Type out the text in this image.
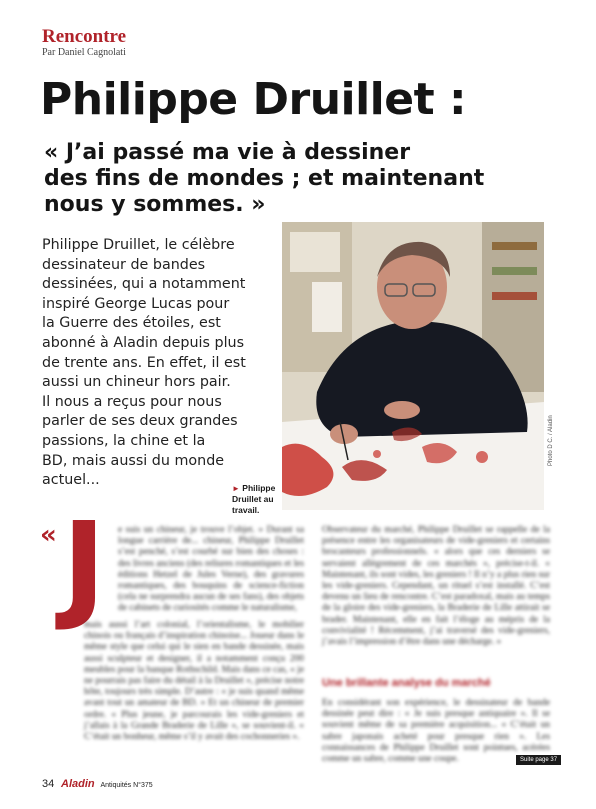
Rencontre
Par Daniel Cagnolati
Philippe Druillet :
« J’ai passé ma vie à dessiner
des fins de mondes ; et maintenant
nous y sommes. »
Philippe Druillet, le célèbre
dessinateur de bandes
dessinées, qui a notamment
inspiré George Lucas pour
la Guerre des étoiles, est
abonné à Aladin depuis plus
de trente ans. En effet, il est
aussi un chineur hors pair.
Il nous a reçus pour nous
parler de ses deux grandes
passions, la chine et la
BD, mais aussi du monde
actuel...
Photo D C. / Aladin
► Philippe
Druillet au
travail.
« J e suis un chineur, je trouve l’objet. » Durant sa longue carrière de... chineur, Philippe Druillet s’est penché, s’est courbé sur bien des choses : des livres anciens (des reliures romantiques et les éditions Hetzel de Jules Verne), des gravures romantiques, des bouquins de science-fiction (cela ne surprendra aucun de ses fans), des objets de cabinets de curiosités comme le naturalisme,

mais aussi l’art colonial, l’orientalisme, le mobilier chinois ou français d’inspiration chinoise... Joueur dans le même style que celui qui le sien en bande dessinée, mais aussi sculpteur et designer, il a notamment conçu 200 meubles pour la banque Rothschild. Mais dans ce cas, « je ne pourrais pas faire du détail à la Druillet », précise notre hôte, toujours très simple. D’autre : « je suis quand même avant tout un amateur de BD. » Et un chineur de premier ordre. « Plus jeune, je parcourais les vide-greniers et j’allais à la Grande Braderie de Lille », se souvient-il. « C’était un bonheur, même s’il y avait des cochonneries ».

Observateur du marché, Philippe Druillet se rappelle de la présence entre les organisateurs de vide-greniers et certains brocanteurs professionnels. « alors que ces derniers se servaient allègrement de ces marchés », précise-t-il. « Maintenant, ils sont vides, les greniers ! Il n’y a plus rien sur les vide-greniers. Cependant, un rituel s’est installé. C’est devenu un lieu de rencontre. C’est paradoxal, mais au temps de la gloire des vide-greniers, la Braderie de Lille attirait se brader. Maintenant, elle en fait l’éloge au mépris de la convivialité ! Récemment, j’ai traversé des vide-greniers, j’avais l’impression d’être dans une décharge. »

Une brillante analyse du marché

En considérant son expérience, le dessinateur de bande dessinée peut dire : « Je suis presque antiquaire ». Il se souvient même de sa première acquisition... « C’était un sabre japonais acheté pour presque rien ». Les connaissances de Philippe Druillet sont pointues, acérées comme un sabre, comme une coupe.	Suite page 37
34 Aladin Antiquités N°375
